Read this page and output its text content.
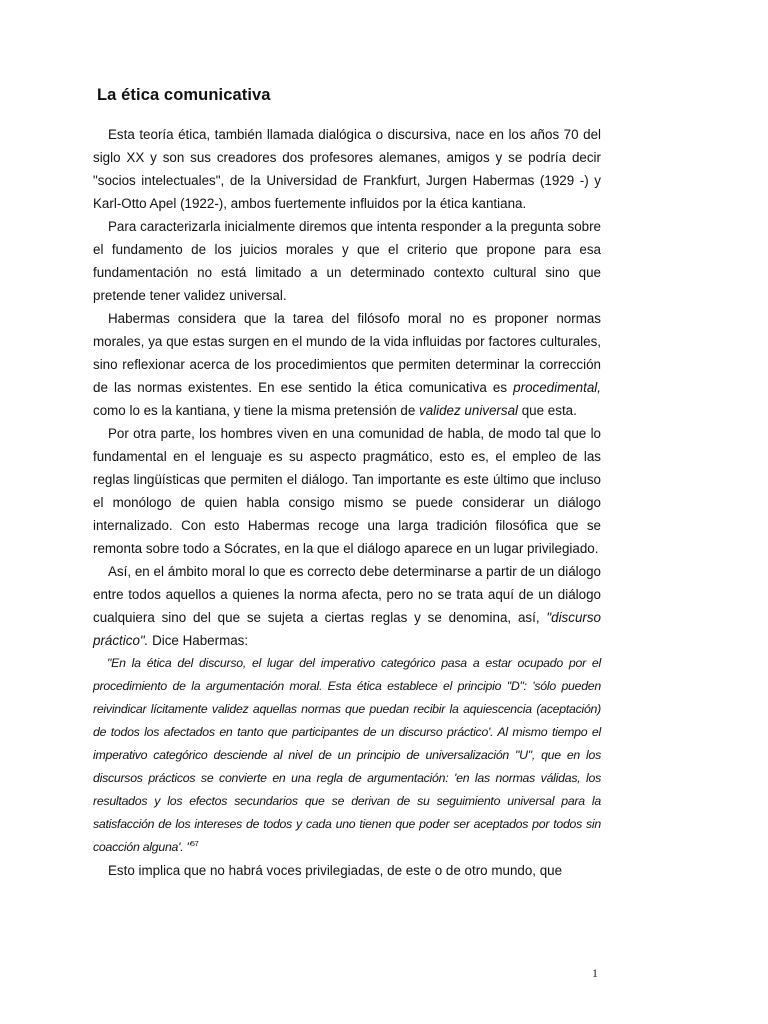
La ética comunicativa

Esta teoría ética, también llamada dialógica o discursiva, nace en los años 70 del siglo XX y son sus creadores dos profesores alemanes, amigos y se podría decir "socios intelectuales", de la Universidad de Frankfurt, Jurgen Habermas (1929 -) y Karl-Otto Apel (1922-), ambos fuertemente influidos por la ética kantiana.

Para caracterizarla inicialmente diremos que intenta responder a la pregunta sobre el fundamento de los juicios morales y que el criterio que propone para esa fundamentación no está limitado a un determinado contexto cultural sino que pretende tener validez universal.

Habermas considera que la tarea del filósofo moral no es proponer normas morales, ya que estas surgen en el mundo de la vida influidas por factores culturales, sino reflexionar acerca de los procedimientos que permiten determinar la corrección de las normas existentes. En ese sentido la ética comunicativa es procedimental, como lo es la kantiana, y tiene la misma pretensión de validez universal que esta.

Por otra parte, los hombres viven en una comunidad de habla, de modo tal que lo fundamental en el lenguaje es su aspecto pragmático, esto es, el empleo de las reglas lingüísticas que permiten el diálogo. Tan importante es este último que incluso el monólogo de quien habla consigo mismo se puede considerar un diálogo internalizado. Con esto Habermas recoge una larga tradición filosófica que se remonta sobre todo a Sócrates, en la que el diálogo aparece en un lugar privilegiado.

Así, en el ámbito moral lo que es correcto debe determinarse a partir de un diálogo entre todos aquellos a quienes la norma afecta, pero no se trata aquí de un diálogo cualquiera sino del que se sujeta a ciertas reglas y se denomina, así, "discurso práctico". Dice Habermas:

"En la ética del discurso, el lugar del imperativo categórico pasa a estar ocupado por el procedimiento de la argumentación moral. Esta ética establece el principio "D": 'sólo pueden reivindicar lícitamente validez aquellas normas que puedan recibir la aquiescencia (aceptación) de todos los afectados en tanto que participantes de un discurso práctico'. Al mismo tiempo el imperativo categórico desciende al nivel de un principio de universalización "U", que en los discursos prácticos se convierte en una regla de argumentación: 'en las normas válidas, los resultados y los efectos secundarios que se derivan de su seguimiento universal para la satisfacción de los intereses de todos y cada uno tienen que poder ser aceptados por todos sin coacción alguna'. "$^{57}$

Esto implica que no habrá voces privilegiadas, de este o de otro mundo, que

1
